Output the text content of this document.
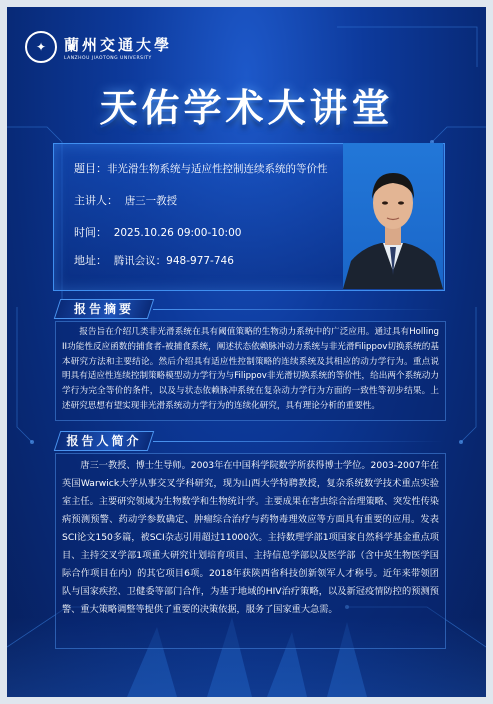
✦	蘭州交通大學
LANZHOU JIAOTONG UNIVERSITY
天佑学术大讲堂
题目：非光滑生物系统与适应性控制连续系统的等价性
主讲人： 唐三一教授
时间： 2025.10.26 09:00-10:00
地址： 腾讯会议：948-977-746
报告摘要
报告旨在介绍几类非光滑系统在具有阈值策略的生物动力系统中的广泛应用。通过具有Holling II功能性反应函数的捕食者-被捕食系统，阐述状态依赖脉冲动力系统与非光滑Filippov切换系统的基本研究方法和主要结论。然后介绍具有适应性控制策略的连续系统及其相应的动力学行为。重点说明具有适应性连续控制策略模型动力学行为与Filippov非光滑切换系统的等价性，给出两个系统动力学行为完全等价的条件，以及与状态依赖脉冲系统在复杂动力学行为方面的一致性等初步结果。上述研究思想有望实现非光滑系统动力学行为的连续化研究，具有理论分析的重要性。
报告人简介
唐三一教授、博士生导师。2003年在中国科学院数学所获得博士学位。2003-2007年在英国Warwick大学从事交叉学科研究，现为山西大学特聘教授，复杂系统数学技术重点实验室主任。主要研究领域为生物数学和生物统计学。主要成果在害虫综合治理策略、突发性传染病预测预警、药动学参数确定、肿瘤综合治疗与药物毒理效应等方面具有重要的应用。发表SCI论文150多篇，被SCI杂志引用超过11000次。主持数理学部1项国家自然科学基金重点项目、主持交叉学部1项重大研究计划培育项目、主持信息学部以及医学部（含中英生物医学国际合作项目在内）的其它项目6项。2018年获陕西省科技创新领军人才称号。近年来带领团队与国家疾控、卫健委等部门合作，为基于地域的HIV治疗策略，以及新冠疫情防控的预测预警、重大策略调整等提供了重要的决策依据，服务了国家重大急需。
